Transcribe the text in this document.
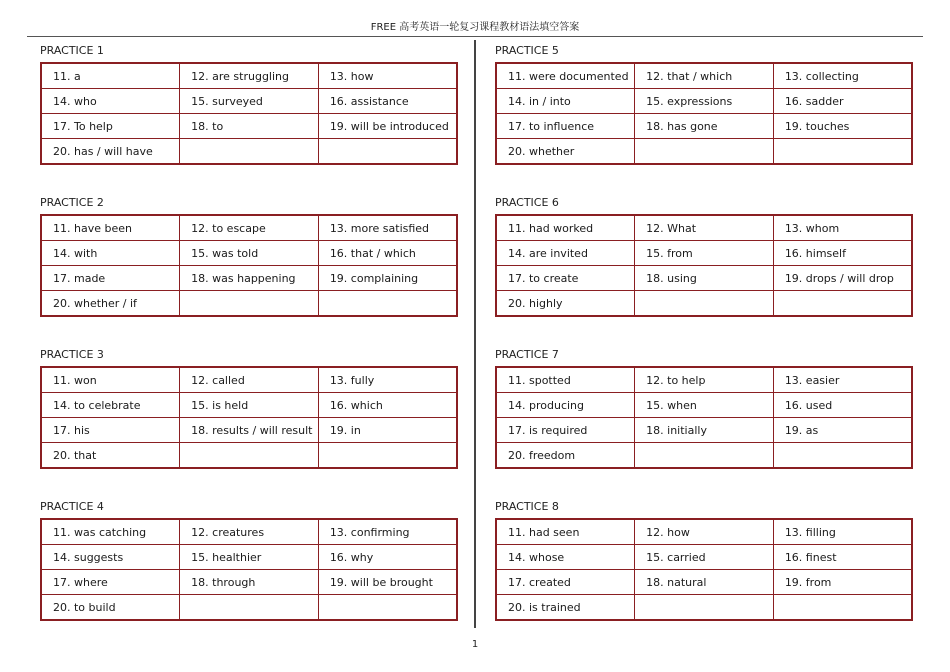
FREE 高考英语一轮复习课程教材语法填空答案
PRACTICE 1
11. a	12. are struggling	13. how
14. who	15. surveyed	16. assistance
17. To help	18. to	19. will be introduced
20. has / will have		
PRACTICE 2
11. have been	12. to escape	13. more satisfied
14. with	15. was told	16. that / which
17. made	18. was happening	19. complaining
20. whether / if		
PRACTICE 3
11. won	12. called	13. fully
14. to celebrate	15. is held	16. which
17. his	18. results / will result	19. in
20. that		
PRACTICE 4
11. was catching	12. creatures	13. confirming
14. suggests	15. healthier	16. why
17. where	18. through	19. will be brought
20. to build		
PRACTICE 5
11. were documented	12. that / which	13. collecting
14. in / into	15. expressions	16. sadder
17. to influence	18. has gone	19. touches
20. whether		
PRACTICE 6
11. had worked	12. What	13. whom
14. are invited	15. from	16. himself
17. to create	18. using	19. drops / will drop
20. highly		
PRACTICE 7
11. spotted	12. to help	13. easier
14. producing	15. when	16. used
17. is required	18. initially	19. as
20. freedom		
PRACTICE 8
11. had seen	12. how	13. filling
14. whose	15. carried	16. finest
17. created	18. natural	19. from
20. is trained		
1
